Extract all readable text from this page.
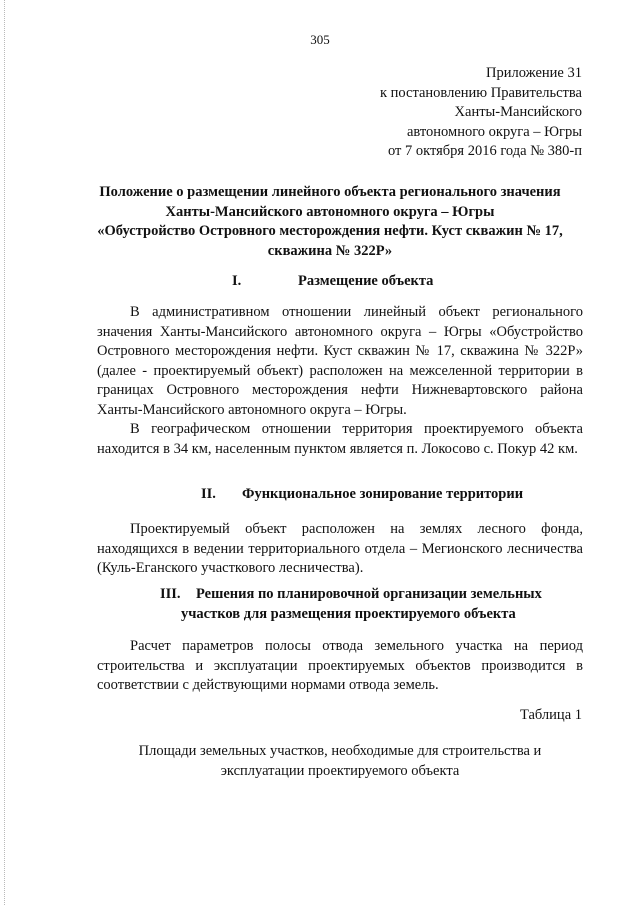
305
Приложение 31
к постановлению Правительства
Ханты-Мансийского
автономного округа – Югры
от 7 октября 2016 года № 380-п
Положение о размещении линейного объекта регионального значения
Ханты-Мансийского автономного округа – Югры
«Обустройство Островного месторождения нефти. Куст скважин № 17,
скважина № 322Р»
I.	Размещение объекта

В административном отношении линейный объект регионального значения Ханты-Мансийского автономного округа – Югры «Обустройство Островного месторождения нефти. Куст скважин № 17, скважина № 322Р» (далее - проектируемый объект) расположен на межселенной территории в границах Островного месторождения нефти Нижневартовского района Ханты-Мансийского автономного округа – Югры.

В географическом отношении территория проектируемого объекта находится в 34 км, населенным пунктом является п. Локосово с. Покур 42 км.

II. Функциональное зонирование территории

Проектируемый объект расположен на землях лесного фонда, находящихся в ведении территориального отдела – Мегионского лесничества (Куль-Еганского участкового лесничества).

III. Решения по планировочной организации земельных
участков для размещения проектируемого объекта

Расчет параметров полосы отвода земельного участка на период строительства и эксплуатации проектируемых объектов производится в соответствии с действующими нормами отвода земель.

Таблица 1
Площади земельных участков, необходимые для строительства и
эксплуатации проектируемого объекта
